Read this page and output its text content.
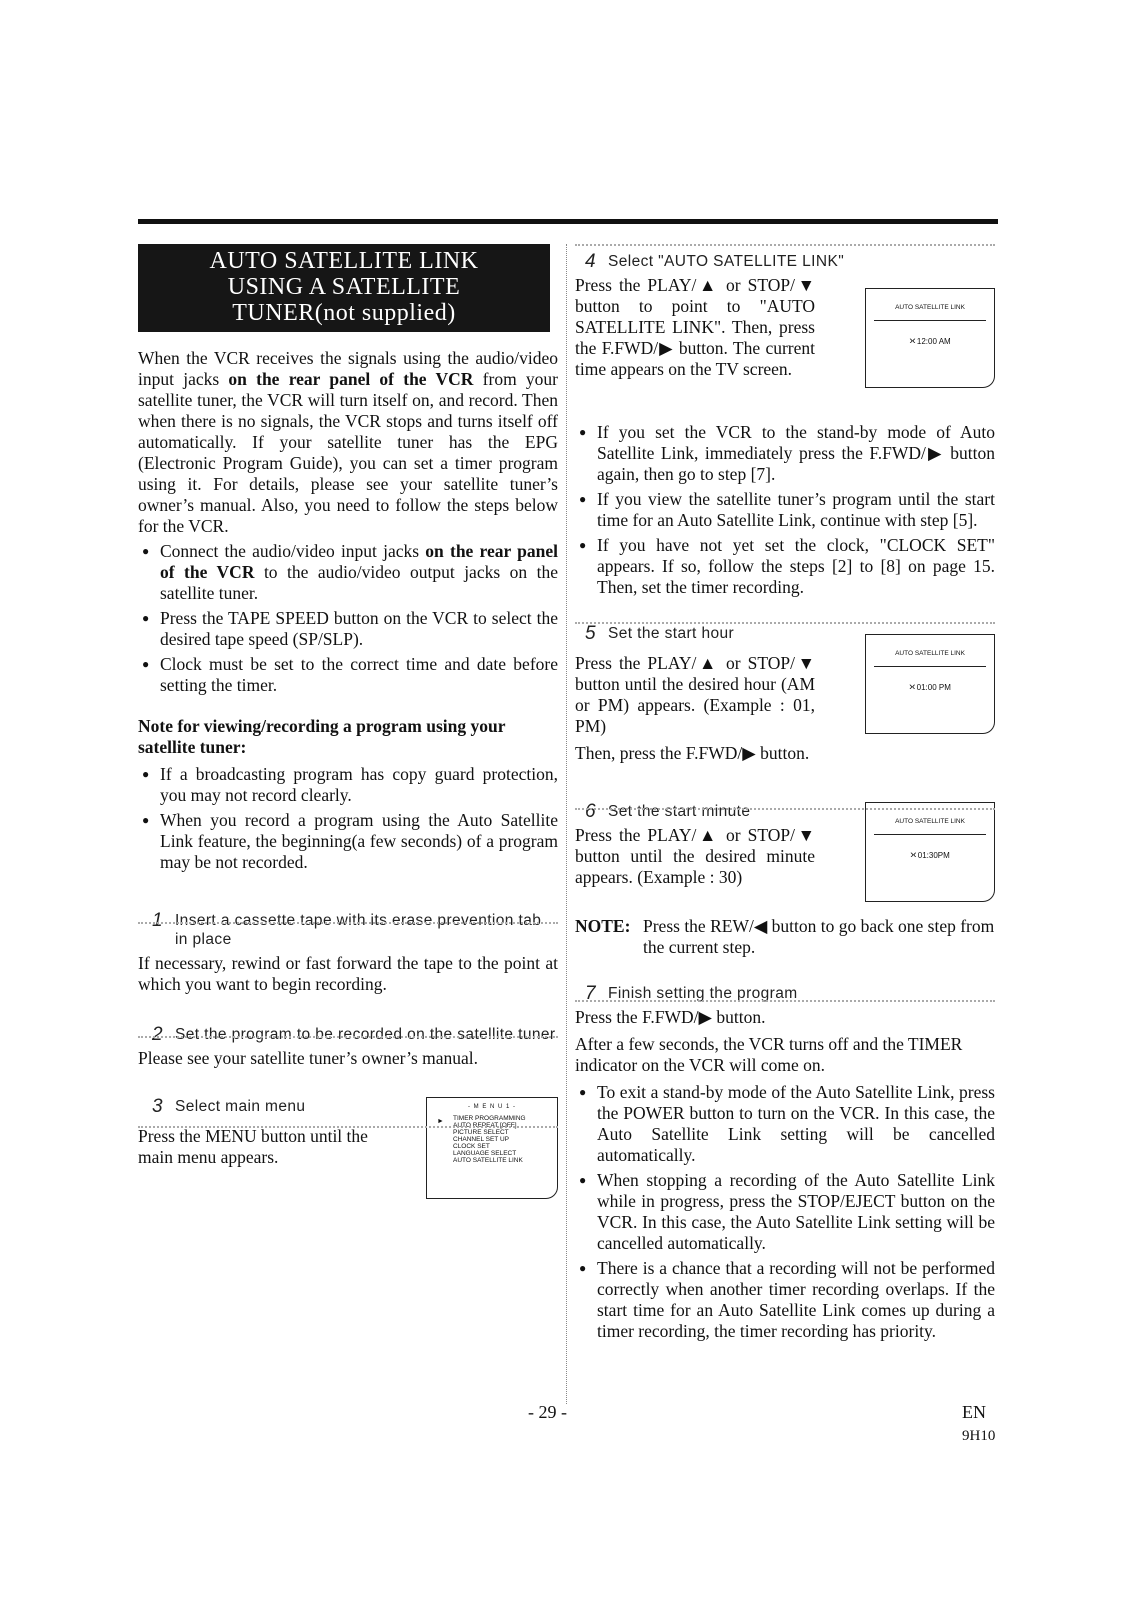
AUTO SATELLITE LINK
USING A SATELLITE
TUNER(not supplied)

When the VCR receives the signals using the audio/video input jacks on the rear panel of the VCR from your satellite tuner, the VCR will turn itself on, and record. Then when there is no signals, the VCR stops and turns itself off automatically. If your satellite tuner has the EPG (Electronic Program Guide), you can set a timer program using it. For details, please see your satellite tuner’s owner’s manual. Also, you need to follow the steps below for the VCR.

● Connect the audio/video input jacks on the rear panel of the VCR to the audio/video output jacks on the satellite tuner.
● Press the TAPE SPEED button on the VCR to select the desired tape speed (SP/SLP).
● Clock must be set to the correct time and date before setting the timer.
Note for viewing/recording a program using your satellite tuner:
● If a broadcasting program has copy guard protection, you may not record clearly.
● When you record a program using the Auto Satellite Link feature, the beginning(a few seconds) of a program may be not recorded.
1 Insert a cassette tape with its erase prevention tab in place

If necessary, rewind or fast forward the tape to the point at which you want to begin recording.

2 Set the program to be recorded on the satellite tuner

Please see your satellite tuner’s owner’s manual.

3 Select main menu

Press the MENU button until the main menu appears.

- M E N U 1 -
► TIMER PROGRAMMING
AUTO REPEAT [OFF]
PICTURE SELECT
CHANNEL SET UP
CLOCK SET
LANGUAGE SELECT
AUTO SATELLITE LINK
4 Select "AUTO SATELLITE LINK"

Press the PLAY/▲ or STOP/▼ button to point to "AUTO SATELLITE LINK". Then, press the F.FWD/▶ button. The current time appears on the TV screen.

AUTO SATELLITE LINK
›‹ 12:00 AM
● If you set the VCR to the stand-by mode of Auto Satellite Link, immediately press the F.FWD/▶ button again, then go to step [7].
● If you view the satellite tuner’s program until the start time for an Auto Satellite Link, continue with step [5].
● If you have not yet set the clock, "CLOCK SET" appears. If so, follow the steps [2] to [8] on page 15. Then, set the timer recording.
5 Set the start hour

Press the PLAY/▲ or STOP/▼ button until the desired hour (AM or PM) appears. (Example : 01, PM)

Then, press the F.FWD/▶ button.

AUTO SATELLITE LINK
›‹ 01:00 PM
6 Set the start minute

Press the PLAY/▲ or STOP/▼ button until the desired minute appears. (Example : 30)

AUTO SATELLITE LINK
›‹ 01:30PM
NOTE: Press the REW/◀ button to go back one step from the current step.
7 Finish setting the program

Press the F.FWD/▶ button.

After a few seconds, the VCR turns off and the TIMER indicator on the VCR will come on.

● To exit a stand-by mode of the Auto Satellite Link, press the POWER button to turn on the VCR. In this case, the Auto Satellite Link setting will be cancelled automatically.
● When stopping a recording of the Auto Satellite Link while in progress, press the STOP/EJECT button on the VCR. In this case, the Auto Satellite Link setting will be cancelled automatically.
● There is a chance that a recording will not be performed correctly when another timer recording overlaps. If the start time for an Auto Satellite Link comes up during a timer recording, the timer recording has priority.
- 29 -	EN
9H10
